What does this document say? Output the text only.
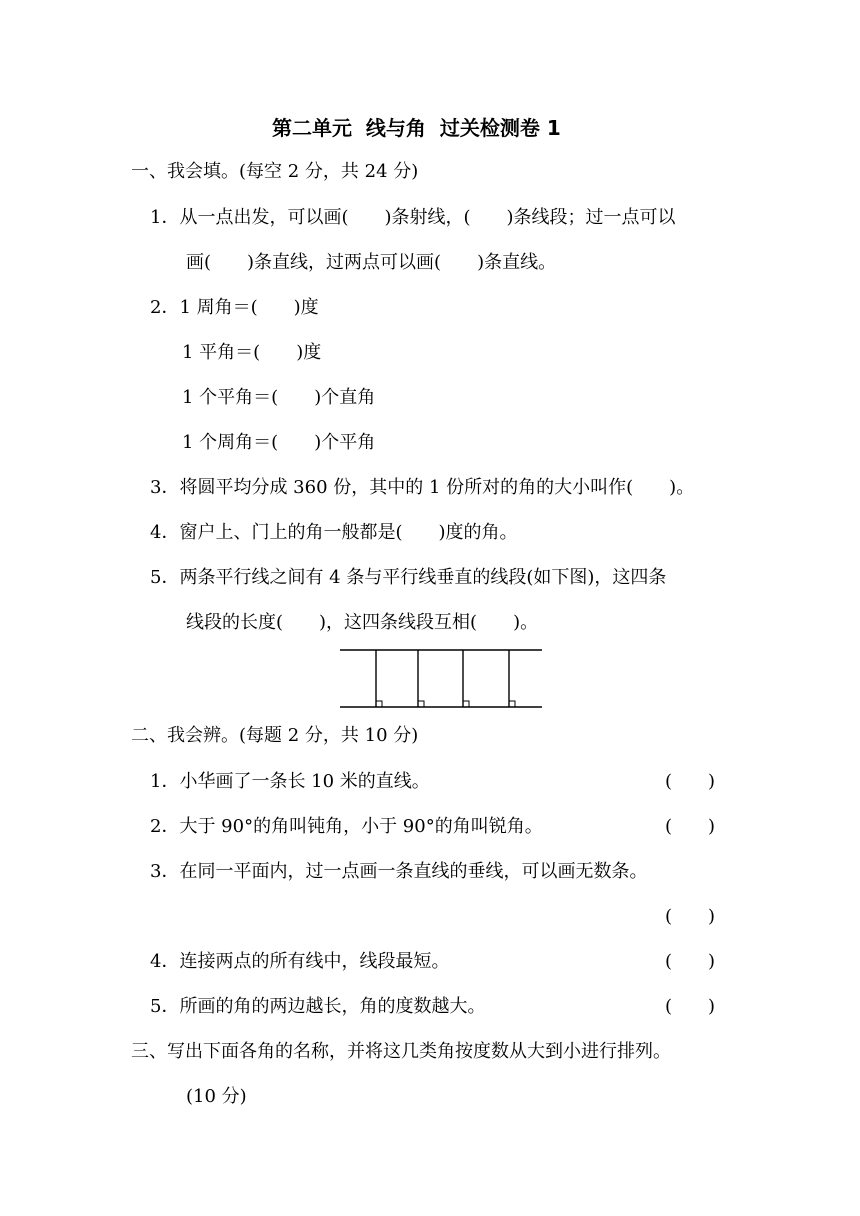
第二单元  线与角  过关检测卷 1
一、我会填。(每空 2 分，共 24 分)
1．从一点出发，可以画(　　)条射线，(　　)条线段；过一点可以
画(　　)条直线，过两点可以画(　　)条直线。
2．1 周角＝(　　)度
1 平角＝(　　)度
1 个平角＝(　　)个直角
1 个周角＝(　　)个平角
3．将圆平均分成 360 份，其中的 1 份所对的角的大小叫作(　　)。
4．窗户上、门上的角一般都是(　　)度的角。
5．两条平行线之间有 4 条与平行线垂直的线段(如下图)，这四条
线段的长度(　　)，这四条线段互相(　　)。
二、我会辨。(每题 2 分，共 10 分)
1．小华画了一条长 10 米的直线。	(　　)
2．大于 90°的角叫钝角，小于 90°的角叫锐角。	(　　)
3．在同一平面内，过一点画一条直线的垂线，可以画无数条。
(　　)
4．连接两点的所有线中，线段最短。	(　　)
5．所画的角的两边越长，角的度数越大。	(　　)
三、写出下面各角的名称，并将这几类角按度数从大到小进行排列。
(10 分)
